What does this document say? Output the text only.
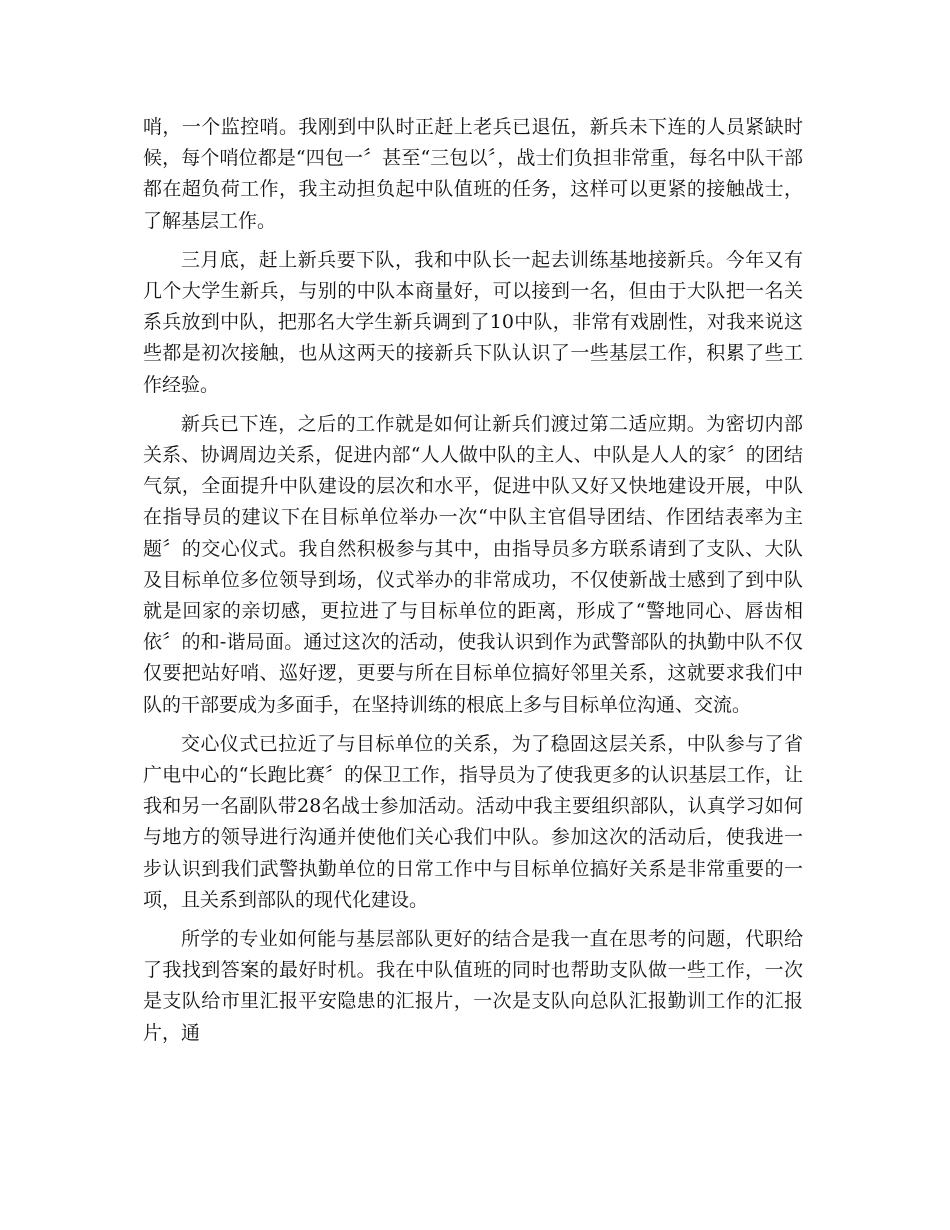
哨，一个监控哨。我刚到中队时正赶上老兵已退伍，新兵未下连的人员紧缺时候，每个哨位都是“四包一〞甚至“三包以〞，战士们负担非常重，每名中队干部都在超负荷工作，我主动担负起中队值班的任务，这样可以更紧的接触战士，了解基层工作。

三月底，赶上新兵要下队，我和中队长一起去训练基地接新兵。今年又有几个大学生新兵，与别的中队本商量好，可以接到一名，但由于大队把一名关系兵放到中队，把那名大学生新兵调到了10中队，非常有戏剧性，对我来说这些都是初次接触，也从这两天的接新兵下队认识了一些基层工作，积累了些工作经验。

新兵已下连，之后的工作就是如何让新兵们渡过第二适应期。为密切内部关系、协调周边关系，促进内部“人人做中队的主人、中队是人人的家〞的团结气氛，全面提升中队建设的层次和水平，促进中队又好又快地建设开展，中队在指导员的建议下在目标单位举办一次“中队主官倡导团结、作团结表率为主题〞的交心仪式。我自然积极参与其中，由指导员多方联系请到了支队、大队及目标单位多位领导到场，仪式举办的非常成功，不仅使新战士感到了到中队就是回家的亲切感，更拉进了与目标单位的距离，形成了“警地同心、唇齿相依〞的和-谐局面。通过这次的活动，使我认识到作为武警部队的执勤中队不仅仅要把站好哨、巡好逻，更要与所在目标单位搞好邻里关系，这就要求我们中队的干部要成为多面手，在坚持训练的根底上多与目标单位沟通、交流。

交心仪式已拉近了与目标单位的关系，为了稳固这层关系，中队参与了省广电中心的“长跑比赛〞的保卫工作，指导员为了使我更多的认识基层工作，让我和另一名副队带28名战士参加活动。活动中我主要组织部队，认真学习如何与地方的领导进行沟通并使他们关心我们中队。参加这次的活动后，使我进一步认识到我们武警执勤单位的日常工作中与目标单位搞好关系是非常重要的一项，且关系到部队的现代化建设。

所学的专业如何能与基层部队更好的结合是我一直在思考的问题，代职给了我找到答案的最好时机。我在中队值班的同时也帮助支队做一些工作，一次是支队给市里汇报平安隐患的汇报片，一次是支队向总队汇报勤训工作的汇报片，通
